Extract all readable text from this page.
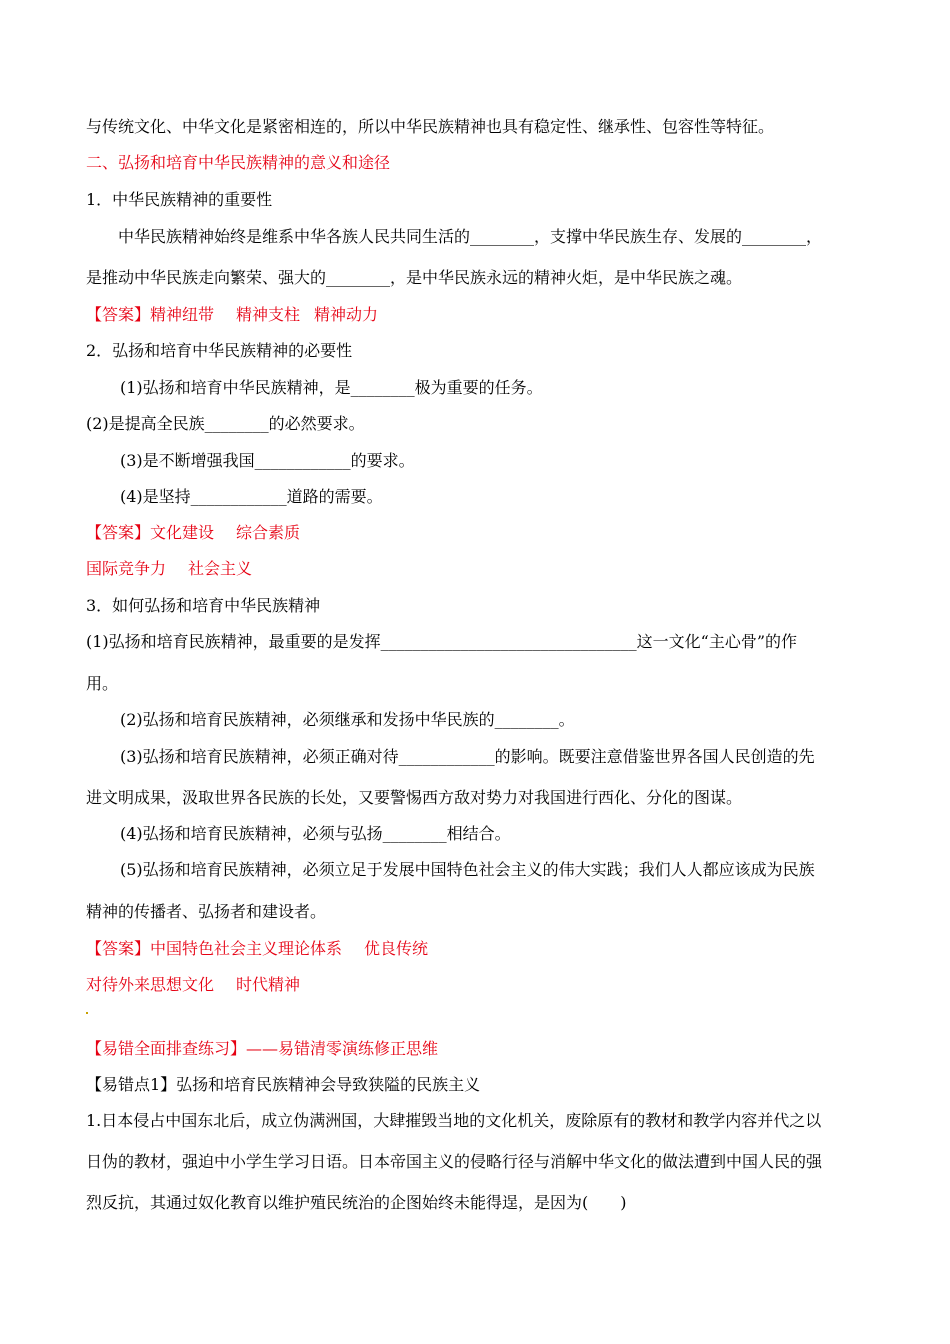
与传统文化、中华文化是紧密相连的，所以中华民族精神也具有稳定性、继承性、包容性等特征。
二、弘扬和培育中华民族精神的意义和途径
1．中华民族精神的重要性
中华民族精神始终是维系中华各族人民共同生活的________，支撑中华民族生存、发展的________，
是推动中华民族走向繁荣、强大的________，是中华民族永远的精神火炬，是中华民族之魂。
【答案】精神纽带 精神支柱 精神动力
2．弘扬和培育中华民族精神的必要性
(1)弘扬和培育中华民族精神，是________极为重要的任务。
(2)是提高全民族________的必然要求。
(3)是不断增强我国____________的要求。
(4)是坚持____________道路的需要。
【答案】文化建设 综合素质
国际竞争力 社会主义
3．如何弘扬和培育中华民族精神
(1)弘扬和培育民族精神，最重要的是发挥________________________________这一文化“主心骨”的作
用。
(2)弘扬和培育民族精神，必须继承和发扬中华民族的________。
(3)弘扬和培育民族精神，必须正确对待____________的影响。既要注意借鉴世界各国人民创造的先
进文明成果，汲取世界各民族的长处，又要警惕西方敌对势力对我国进行西化、分化的图谋。
(4)弘扬和培育民族精神，必须与弘扬________相结合。
(5)弘扬和培育民族精神，必须立足于发展中国特色社会主义的伟大实践；我们人人都应该成为民族
精神的传播者、弘扬者和建设者。
【答案】中国特色社会主义理论体系 优良传统
对待外来思想文化 时代精神
【易错全面排查练习】——易错清零演练修正思维
【易错点1】弘扬和培育民族精神会导致狭隘的民族主义
1.日本侵占中国东北后，成立伪满洲国，大肆摧毁当地的文化机关，废除原有的教材和教学内容并代之以
日伪的教材，强迫中小学生学习日语。日本帝国主义的侵略行径与消解中华文化的做法遭到中国人民的强
烈反抗，其通过奴化教育以维护殖民统治的企图始终未能得逞，是因为(　　)
